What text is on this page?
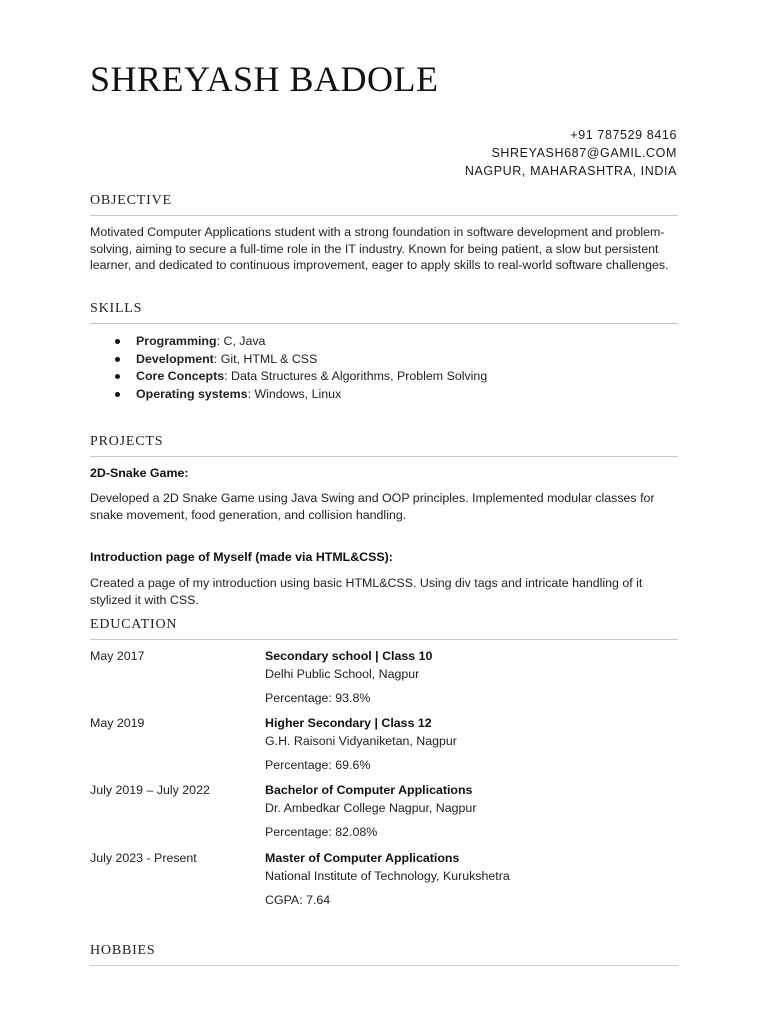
SHREYASH BADOLE
+91 787529 8416
SHREYASH687@GAMIL.COM
NAGPUR, MAHARASHTRA, INDIA
OBJECTIVE

Motivated Computer Applications student with a strong foundation in software development and problem-solving, aiming to secure a full-time role in the IT industry. Known for being patient, a slow but persistent learner, and dedicated to continuous improvement, eager to apply skills to real-world software challenges.

SKILLS
Programming: C, Java
Development: Git, HTML & CSS
Core Concepts: Data Structures & Algorithms, Problem Solving
Operating systems: Windows, Linux
PROJECTS
2D-Snake Game:

Developed a 2D Snake Game using Java Swing and OOP principles. Implemented modular classes for snake movement, food generation, and collision handling.

Introduction page of Myself (made via HTML&CSS):

Created a page of my introduction using basic HTML&CSS. Using div tags and intricate handling of it stylized it with CSS.

EDUCATION
May 2017	Secondary school | Class 10
Delhi Public School, Nagpur
Percentage: 93.8%
May 2019	Higher Secondary | Class 12
G.H. Raisoni Vidyaniketan, Nagpur
Percentage: 69.6%
July 2019 – July 2022	Bachelor of Computer Applications
Dr. Ambedkar College Nagpur, Nagpur
Percentage: 82.08%
July 2023 - Present	Master of Computer Applications
National Institute of Technology, Kurukshetra
CGPA: 7.64
HOBBIES
